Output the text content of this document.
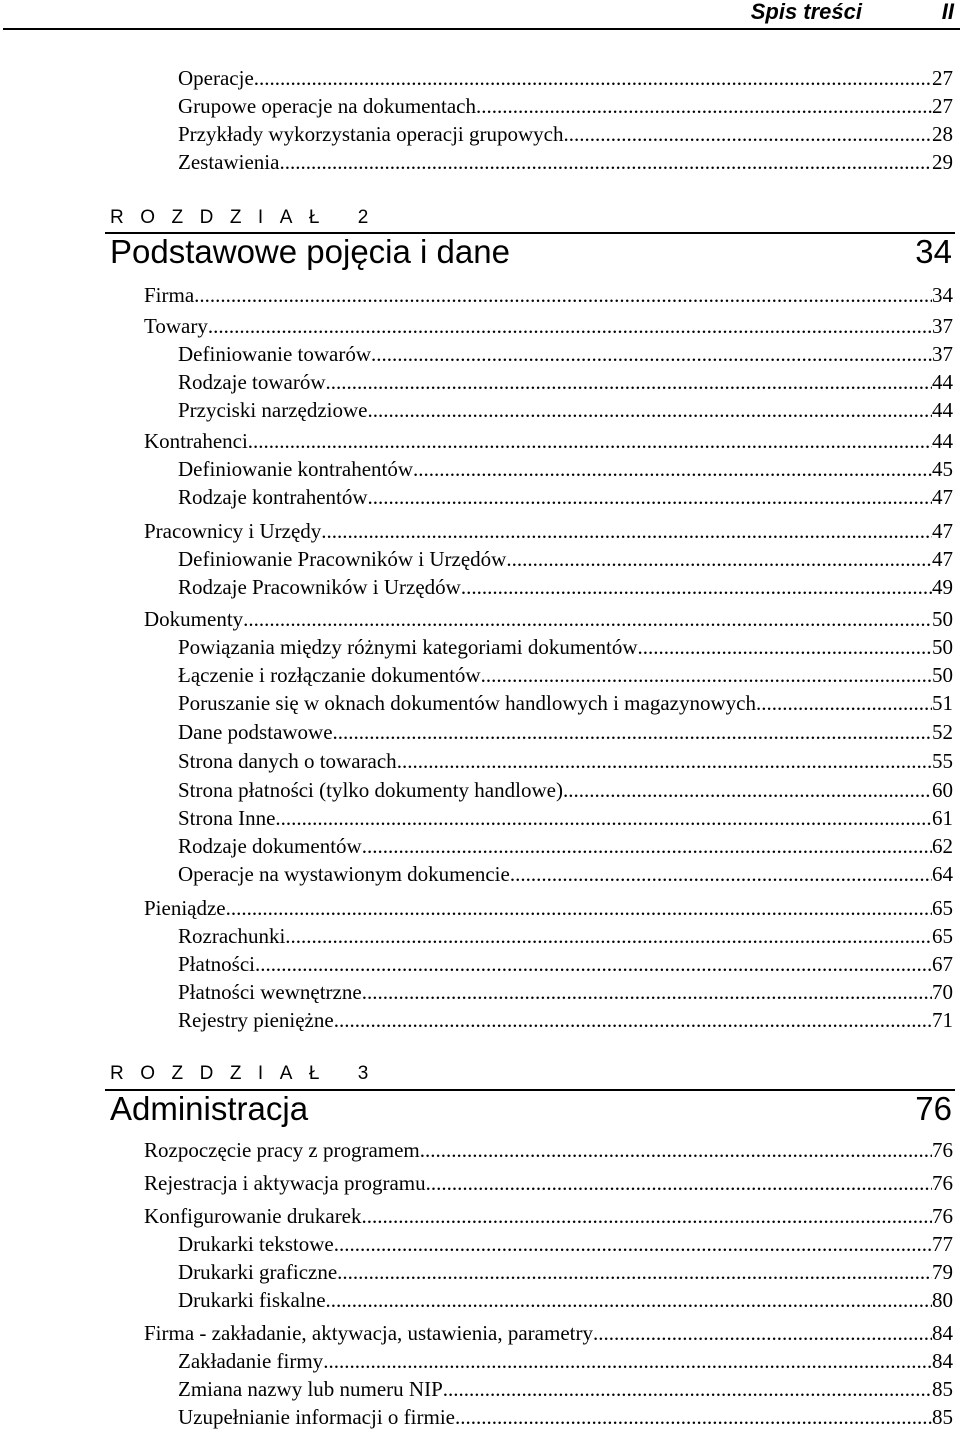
Spis treści	II
Operacje .....	27
Grupowe operacje na dokumentach .....	27
Przykłady wykorzystania operacji grupowych .....	28
Zestawienia .....	29
ROZDZIAŁ 2
Podstawowe pojęcia i dane	34
Firma .....	34
Towary .....	37
Definiowanie towarów .....	37
Rodzaje towarów .....	44
Przyciski narzędziowe .....	44
Kontrahenci .....	44
Definiowanie kontrahentów .....	45
Rodzaje kontrahentów .....	47
Pracownicy i Urzędy .....	47
Definiowanie Pracowników i Urzędów .....	47
Rodzaje Pracowników i Urzędów .....	49
Dokumenty .....	50
Powiązania między różnymi kategoriami dokumentów .....	50
Łączenie i rozłączanie dokumentów .....	50
Poruszanie się w oknach dokumentów handlowych i magazynowych .....	51
Dane podstawowe .....	52
Strona danych o towarach .....	55
Strona płatności (tylko dokumenty handlowe) .....	60
Strona Inne .....	61
Rodzaje dokumentów .....	62
Operacje na wystawionym dokumencie .....	64
Pieniądze .....	65
Rozrachunki .....	65
Płatności .....	67
Płatności wewnętrzne .....	70
Rejestry pieniężne .....	71
ROZDZIAŁ 3
Administracja	76
Rozpoczęcie pracy z programem .....	76
Rejestracja i aktywacja programu .....	76
Konfigurowanie drukarek .....	76
Drukarki tekstowe .....	77
Drukarki graficzne .....	79
Drukarki fiskalne .....	80
Firma - zakładanie, aktywacja, ustawienia, parametry .....	84
Zakładanie firmy .....	84
Zmiana nazwy lub numeru NIP .....	85
Uzupełnianie informacji o firmie .....	85
